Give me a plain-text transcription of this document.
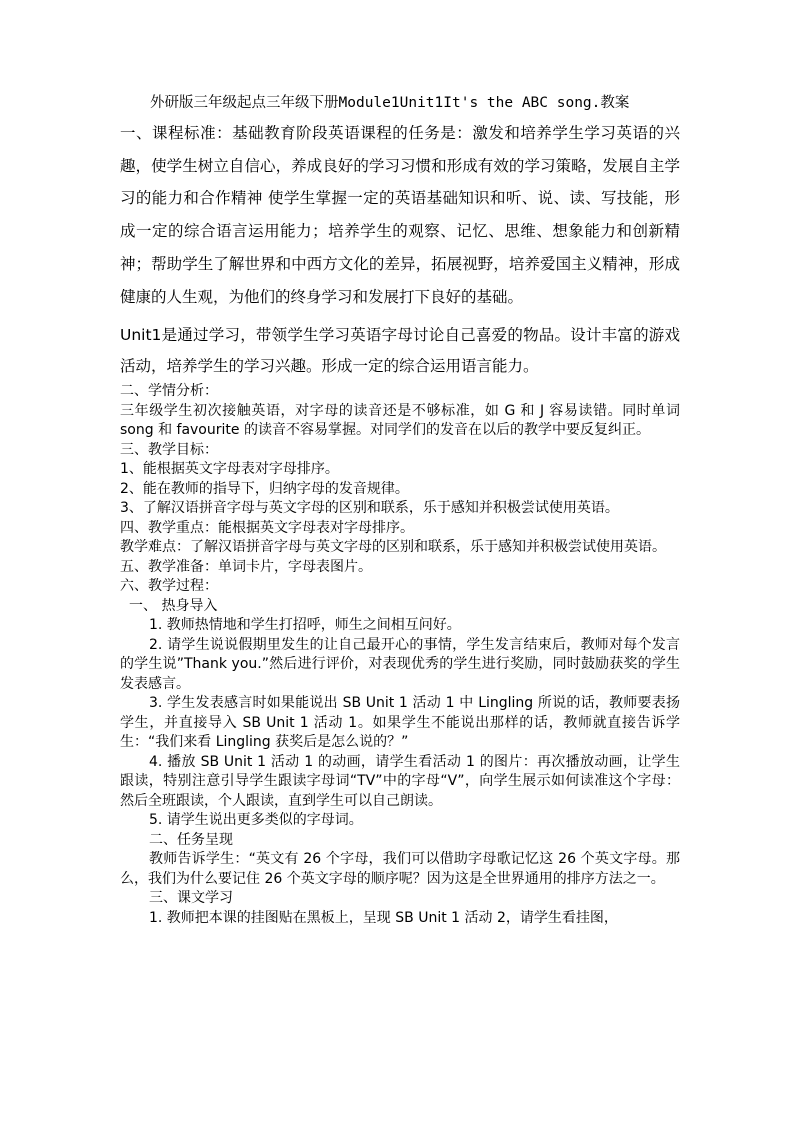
外研版三年级起点三年级下册Module1Unit1It's the ABC song.教案

一、课程标准：基础教育阶段英语课程的任务是：激发和培养学生学习英语的兴趣，使学生树立自信心，养成良好的学习习惯和形成有效的学习策略，发展自主学习的能力和合作精神 使学生掌握一定的英语基础知识和听、说、读、写技能，形成一定的综合语言运用能力；培养学生的观察、记忆、思维、想象能力和创新精神；帮助学生了解世界和中西方文化的差异，拓展视野，培养爱国主义精神，形成健康的人生观，为他们的终身学习和发展打下良好的基础。

Unit1是通过学习，带领学生学习英语字母讨论自己喜爱的物品。设计丰富的游戏活动，培养学生的学习兴趣。形成一定的综合运用语言能力。

二、学情分析：

三年级学生初次接触英语，对字母的读音还是不够标准，如 G 和 J 容易读错。同时单词 song 和 favourite 的读音不容易掌握。对同学们的发音在以后的教学中要反复纠正。

三、教学目标：

1、能根据英文字母表对字母排序。

2、能在教师的指导下，归纳字母的发音规律。

3、了解汉语拼音字母与英文字母的区别和联系，乐于感知并积极尝试使用英语。

四、教学重点：能根据英文字母表对字母排序。

教学难点：了解汉语拼音字母与英文字母的区别和联系，乐于感知并积极尝试使用英语。

五、教学准备：单词卡片，字母表图片。

六、教学过程：

一、 热身导入

1. 教师热情地和学生打招呼，师生之间相互问好。

2. 请学生说说假期里发生的让自己最开心的事情，学生发言结束后，教师对每个发言的学生说”Thank you.”然后进行评价，对表现优秀的学生进行奖励，同时鼓励获奖的学生发表感言。

3. 学生发表感言时如果能说出 SB Unit 1 活动 1 中 Lingling 所说的话，教师要表扬学生，并直接导入 SB Unit 1 活动 1。如果学生不能说出那样的话，教师就直接告诉学生：“我们来看 Lingling 获奖后是怎么说的？”

4. 播放 SB Unit 1 活动 1 的动画，请学生看活动 1 的图片：再次播放动画，让学生跟读，特别注意引导学生跟读字母词“TV”中的字母“V”，向学生展示如何读准这个字母：然后全班跟读，个人跟读，直到学生可以自己朗读。

5. 请学生说出更多类似的字母词。

二、任务呈现

教师告诉学生：“英文有 26 个字母，我们可以借助字母歌记忆这 26 个英文字母。那么，我们为什么要记住 26 个英文字母的顺序呢？因为这是全世界通用的排序方法之一。

三、课文学习

1. 教师把本课的挂图贴在黑板上，呈现 SB Unit 1 活动 2，请学生看挂图，
